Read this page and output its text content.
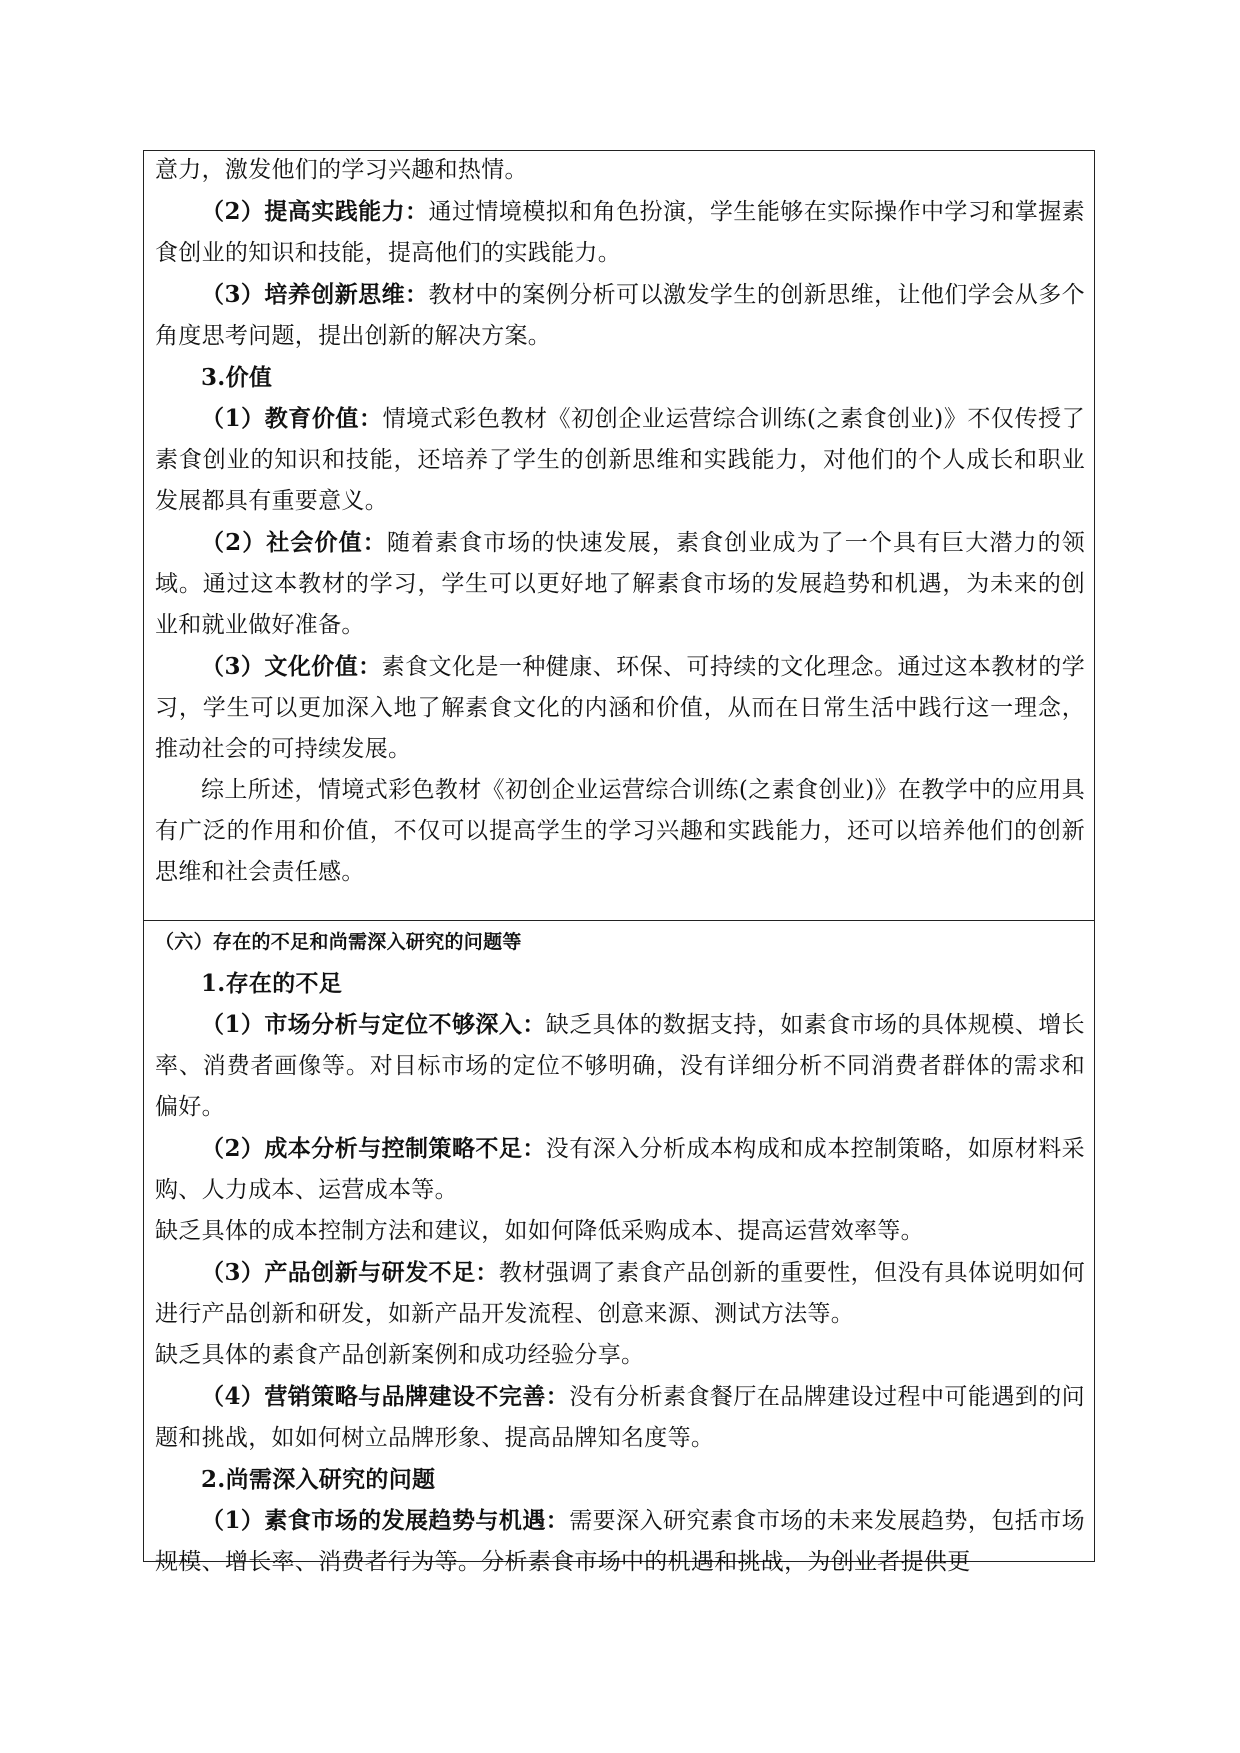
意力，激发他们的学习兴趣和热情。

（2）提高实践能力：通过情境模拟和角色扮演，学生能够在实际操作中学习和掌握素食创业的知识和技能，提高他们的实践能力。

（3）培养创新思维：教材中的案例分析可以激发学生的创新思维，让他们学会从多个角度思考问题，提出创新的解决方案。

3.价值

（1）教育价值：情境式彩色教材《初创企业运营综合训练(之素食创业)》不仅传授了素食创业的知识和技能，还培养了学生的创新思维和实践能力，对他们的个人成长和职业发展都具有重要意义。

（2）社会价值：随着素食市场的快速发展，素食创业成为了一个具有巨大潜力的领域。通过这本教材的学习，学生可以更好地了解素食市场的发展趋势和机遇，为未来的创业和就业做好准备。

（3）文化价值：素食文化是一种健康、环保、可持续的文化理念。通过这本教材的学习，学生可以更加深入地了解素食文化的内涵和价值，从而在日常生活中践行这一理念，推动社会的可持续发展。

综上所述，情境式彩色教材《初创企业运营综合训练(之素食创业)》在教学中的应用具有广泛的作用和价值，不仅可以提高学生的学习兴趣和实践能力，还可以培养他们的创新思维和社会责任感。

（六）存在的不足和尚需深入研究的问题等

1.存在的不足

（1）市场分析与定位不够深入：缺乏具体的数据支持，如素食市场的具体规模、增长率、消费者画像等。对目标市场的定位不够明确，没有详细分析不同消费者群体的需求和偏好。

（2）成本分析与控制策略不足：没有深入分析成本构成和成本控制策略，如原材料采购、人力成本、运营成本等。

缺乏具体的成本控制方法和建议，如如何降低采购成本、提高运营效率等。

（3）产品创新与研发不足：教材强调了素食产品创新的重要性，但没有具体说明如何进行产品创新和研发，如新产品开发流程、创意来源、测试方法等。

缺乏具体的素食产品创新案例和成功经验分享。

（4）营销策略与品牌建设不完善：没有分析素食餐厅在品牌建设过程中可能遇到的问题和挑战，如如何树立品牌形象、提高品牌知名度等。

2.尚需深入研究的问题

（1）素食市场的发展趋势与机遇：需要深入研究素食市场的未来发展趋势，包括市场规模、增长率、消费者行为等。分析素食市场中的机遇和挑战，为创业者提供更
